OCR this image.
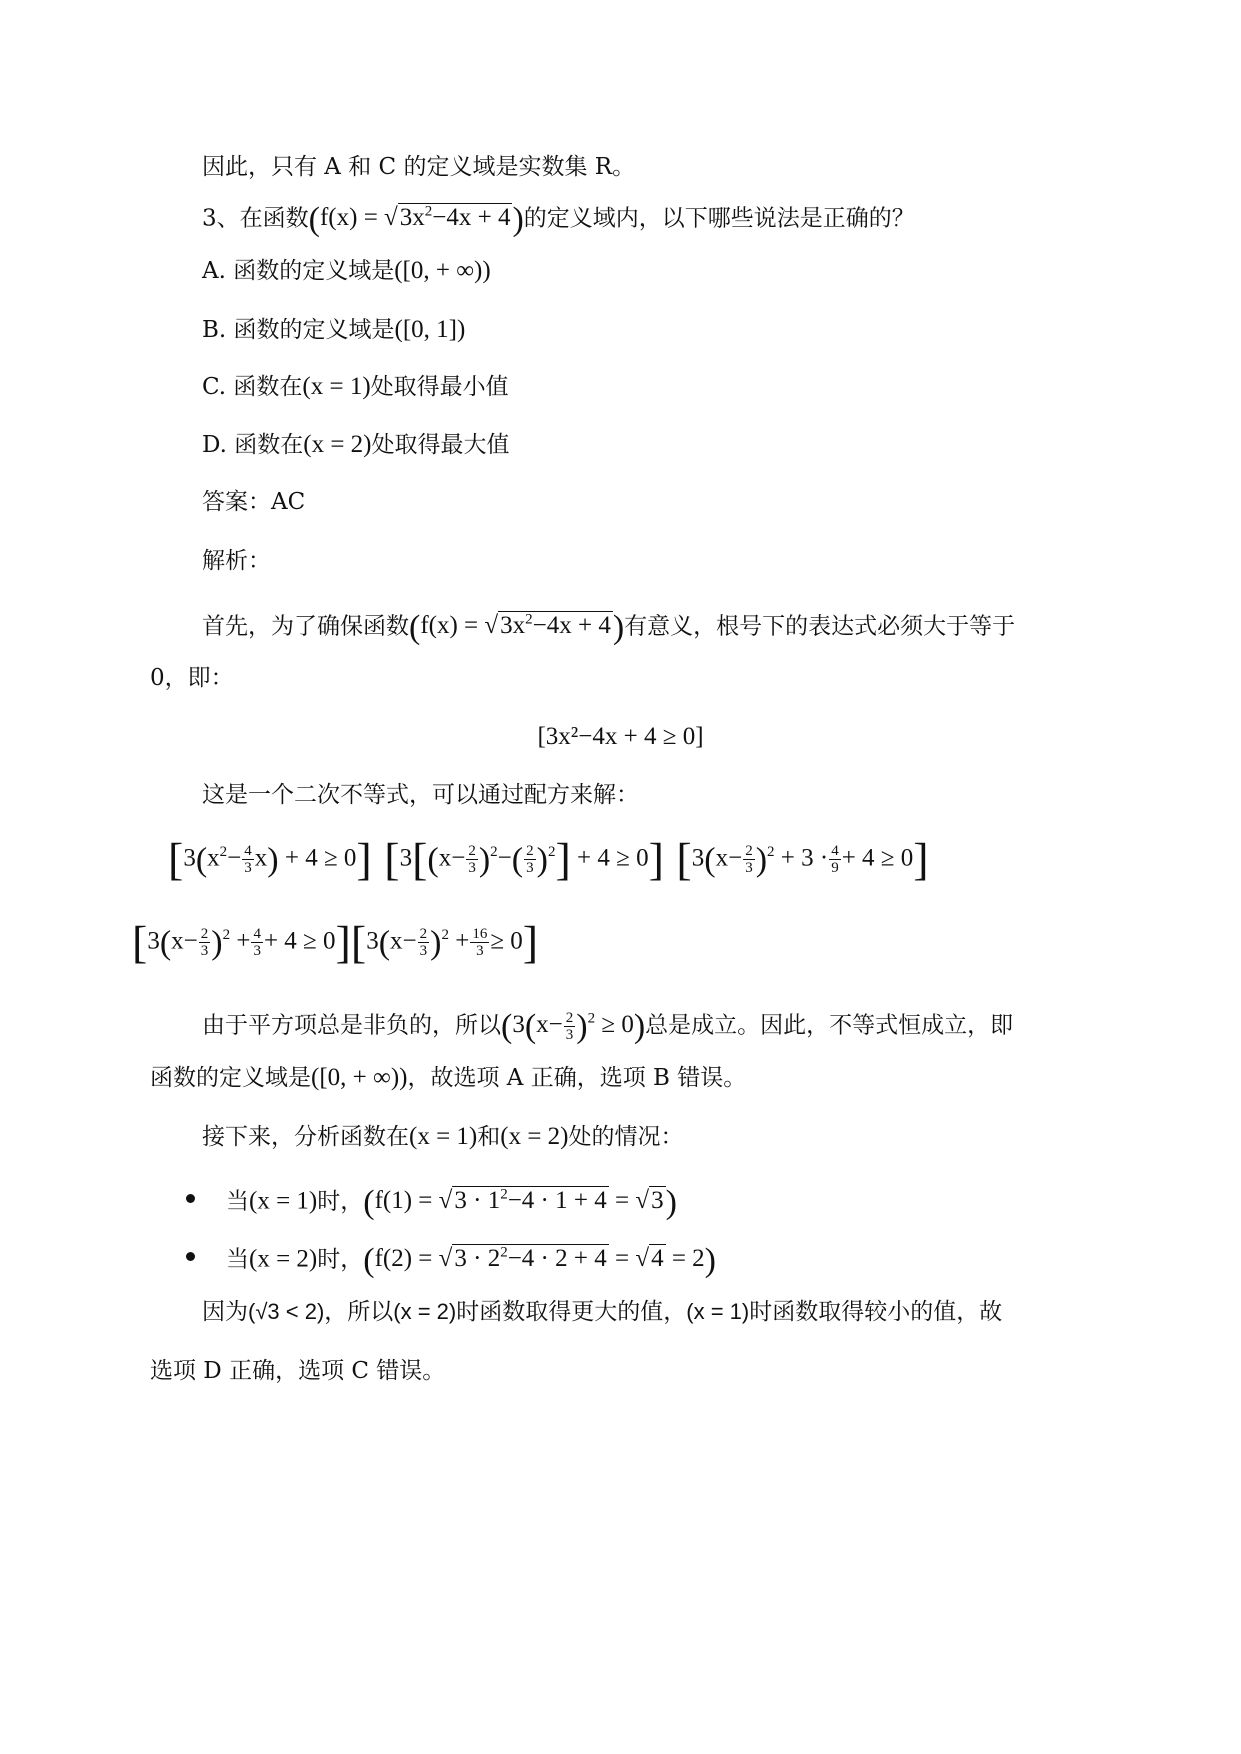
因此，只有 A 和 C 的定义域是实数集 R。
3、在函数$(f(x) = √3x^2-4x + 4)$的定义域内，以下哪些说法是正确的？
A. 函数的定义域是([0, + ∞))
B. 函数的定义域是([0, 1])
C. 函数在(x = 1)处取得最小值
D. 函数在(x = 2)处取得最大值
答案：AC
解析：
首先，为了确保函数$(f(x) = √3x^2-4x + 4)$有意义，根号下的表达式必须大于等于
0，即：
[3x²−4x + 4 ≥ 0]
这是一个二次不等式，可以通过配方来解：
$[3(x^2- \frac{4}{3} x) + 4 \ge 0]$ $[3[(x- \frac{2}{3} )^2-( \frac{2}{3} )^2] + 4 \ge 0]$ $[3(x- \frac{2}{3} )^2 + 3 \cdot \frac{4}{9} + 4 \ge 0]$
$[3(x- \frac{2}{3} )^2 + \frac{4}{3} + 4 \ge 0][3(x- \frac{2}{3} )^2 + \frac{16}{3} \ge 0]$
由于平方项总是非负的，所以$(3(x- \frac{2}{3} )^2 \ge 0)$总是成立。因此，不等式恒成立，即
函数的定义域是([0, + ∞))，故选项 A 正确，选项 B 错误。
接下来，分析函数在(x = 1)和(x = 2)处的情况：
当(x = 1)时，$(f(1) = √3 \cdot 1^2-4 \cdot 1 + 4 = √3)$
当(x = 2)时，$(f(2) = √3 \cdot 2^2-4 \cdot 2 + 4 = √4 = 2)$
因为(√3 < 2)，所以(x = 2)时函数取得更大的值，(x = 1)时函数取得较小的值，故
选项 D 正确，选项 C 错误。
